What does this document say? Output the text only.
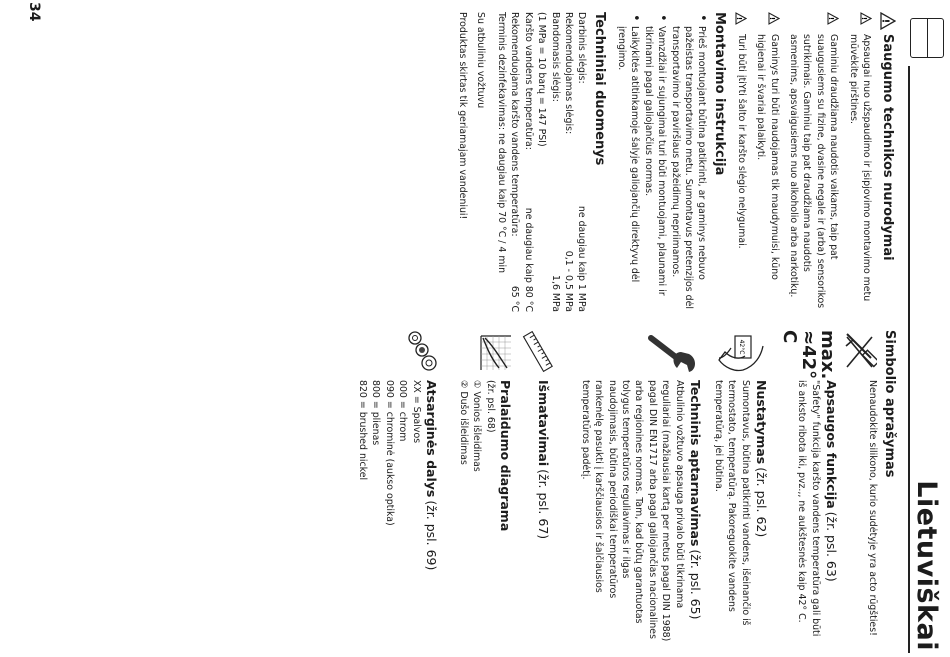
Lietuviškai
34	!
Saugumo technikos nurodymai
!

Apsaugai nuo užspaudimo ir įsipjovimo montavimo metu mūvėkite pirštines.

!

Gaminiu draudžiama naudotis vaikams, taip pat suaugusiems su fizine, dvasine negale ir (arba) sensorikos sutrikimais. Gaminiu taip pat draudžiama naudotis asmenims, apsvaigusiems nuo alkoholio arba narkotikų.

!

Gaminys turi būti naudojamas tik maudymuisi, kūno higienai ir švariai palaikyti.

!

Turi būti įtiYti šalto ir karšto slėgio nelygumai.

Montavimo instrukcija

• Prieš montuojant būtina patikrinti, ar gaminys nebuvo pažeistas transportavimo metu. Sumontavus pretenzijos dėl transportavimo ir paviršiaus pažeidimų nepriimamos.

• Vamzdžiai ir sujungimai turi būti montuojami, plaunami ir tikrinami pagal galiojančius normas.

• Laikykitės atitinkamoje šalyje galiojančių direktyvų dėl įrengimo.

Techniniai duomenys
Darbinis slėgis:
ne daugiau kaip 1 MPa
Rekomenduojamas slėgis:
0,1 - 0,5 MPa
Bandomasis slėgis:
1,6 MPa
(1 MPa = 10 barų = 147 PSI)
Karšto vandens temperatūra:
ne daugiau kaip 80 °C
Rekomenduojama karšto vandens temperatūra:
65 °C
Terminis dezinfekavimas: ne daugiau kaip 70 °C / 4 min

Su atbuliniu vožtuvu

Produktas skirtas tik geriamajam vandeniui!

Simbolio aprašymas

Nenaudokite silikono, kurio sudėtyje yra acto rūgšties!

max.
≈42° C
Apsaugos funkcija (žr. psl. 63)

"Safety" funkcija karšto vandens temperatūra gali būti iš anksto ribota iki, pvz.,, ne aukštesnės kaip 42° C.

42°C
Nustatymas (žr. psl. 62)

Sumontavus, būtina patikrinti vandens, išeinančio iš termostato, temperatūrą. Pakoreguokite vandens temperatūrą, jei būtina.

Techninis aptarnavimas (žr. psl. 65)

Atbulinio vožtuvo apsauga privalo būti tikrinama reguliariai (mažiausiai kartą per metus pagal DIN 1988) pagal DIN EN1717 arba pagal galiojančias nacionalines arba regionines normas. Tam, kad būtų garantuotas tolygus temperatūros reguliavimas ir ilgas naudojimasis, būtina periodiškai temperatūros rankenėlę pasukti į karščiausios ir šalčiausios temperatūros padėtį.

Išmatavimai (žr. psl. 67)
Pralaidumo diagrama

(žr. psl. 68)

① Vonios išleidimas

② Dušo išleidimas

Atsarginės dalys (žr. psl. 69)

XX = Spalvos

000 = chrom

090 = chrominė (aukso optika)

800 = plienas

820 = brushed nickel
